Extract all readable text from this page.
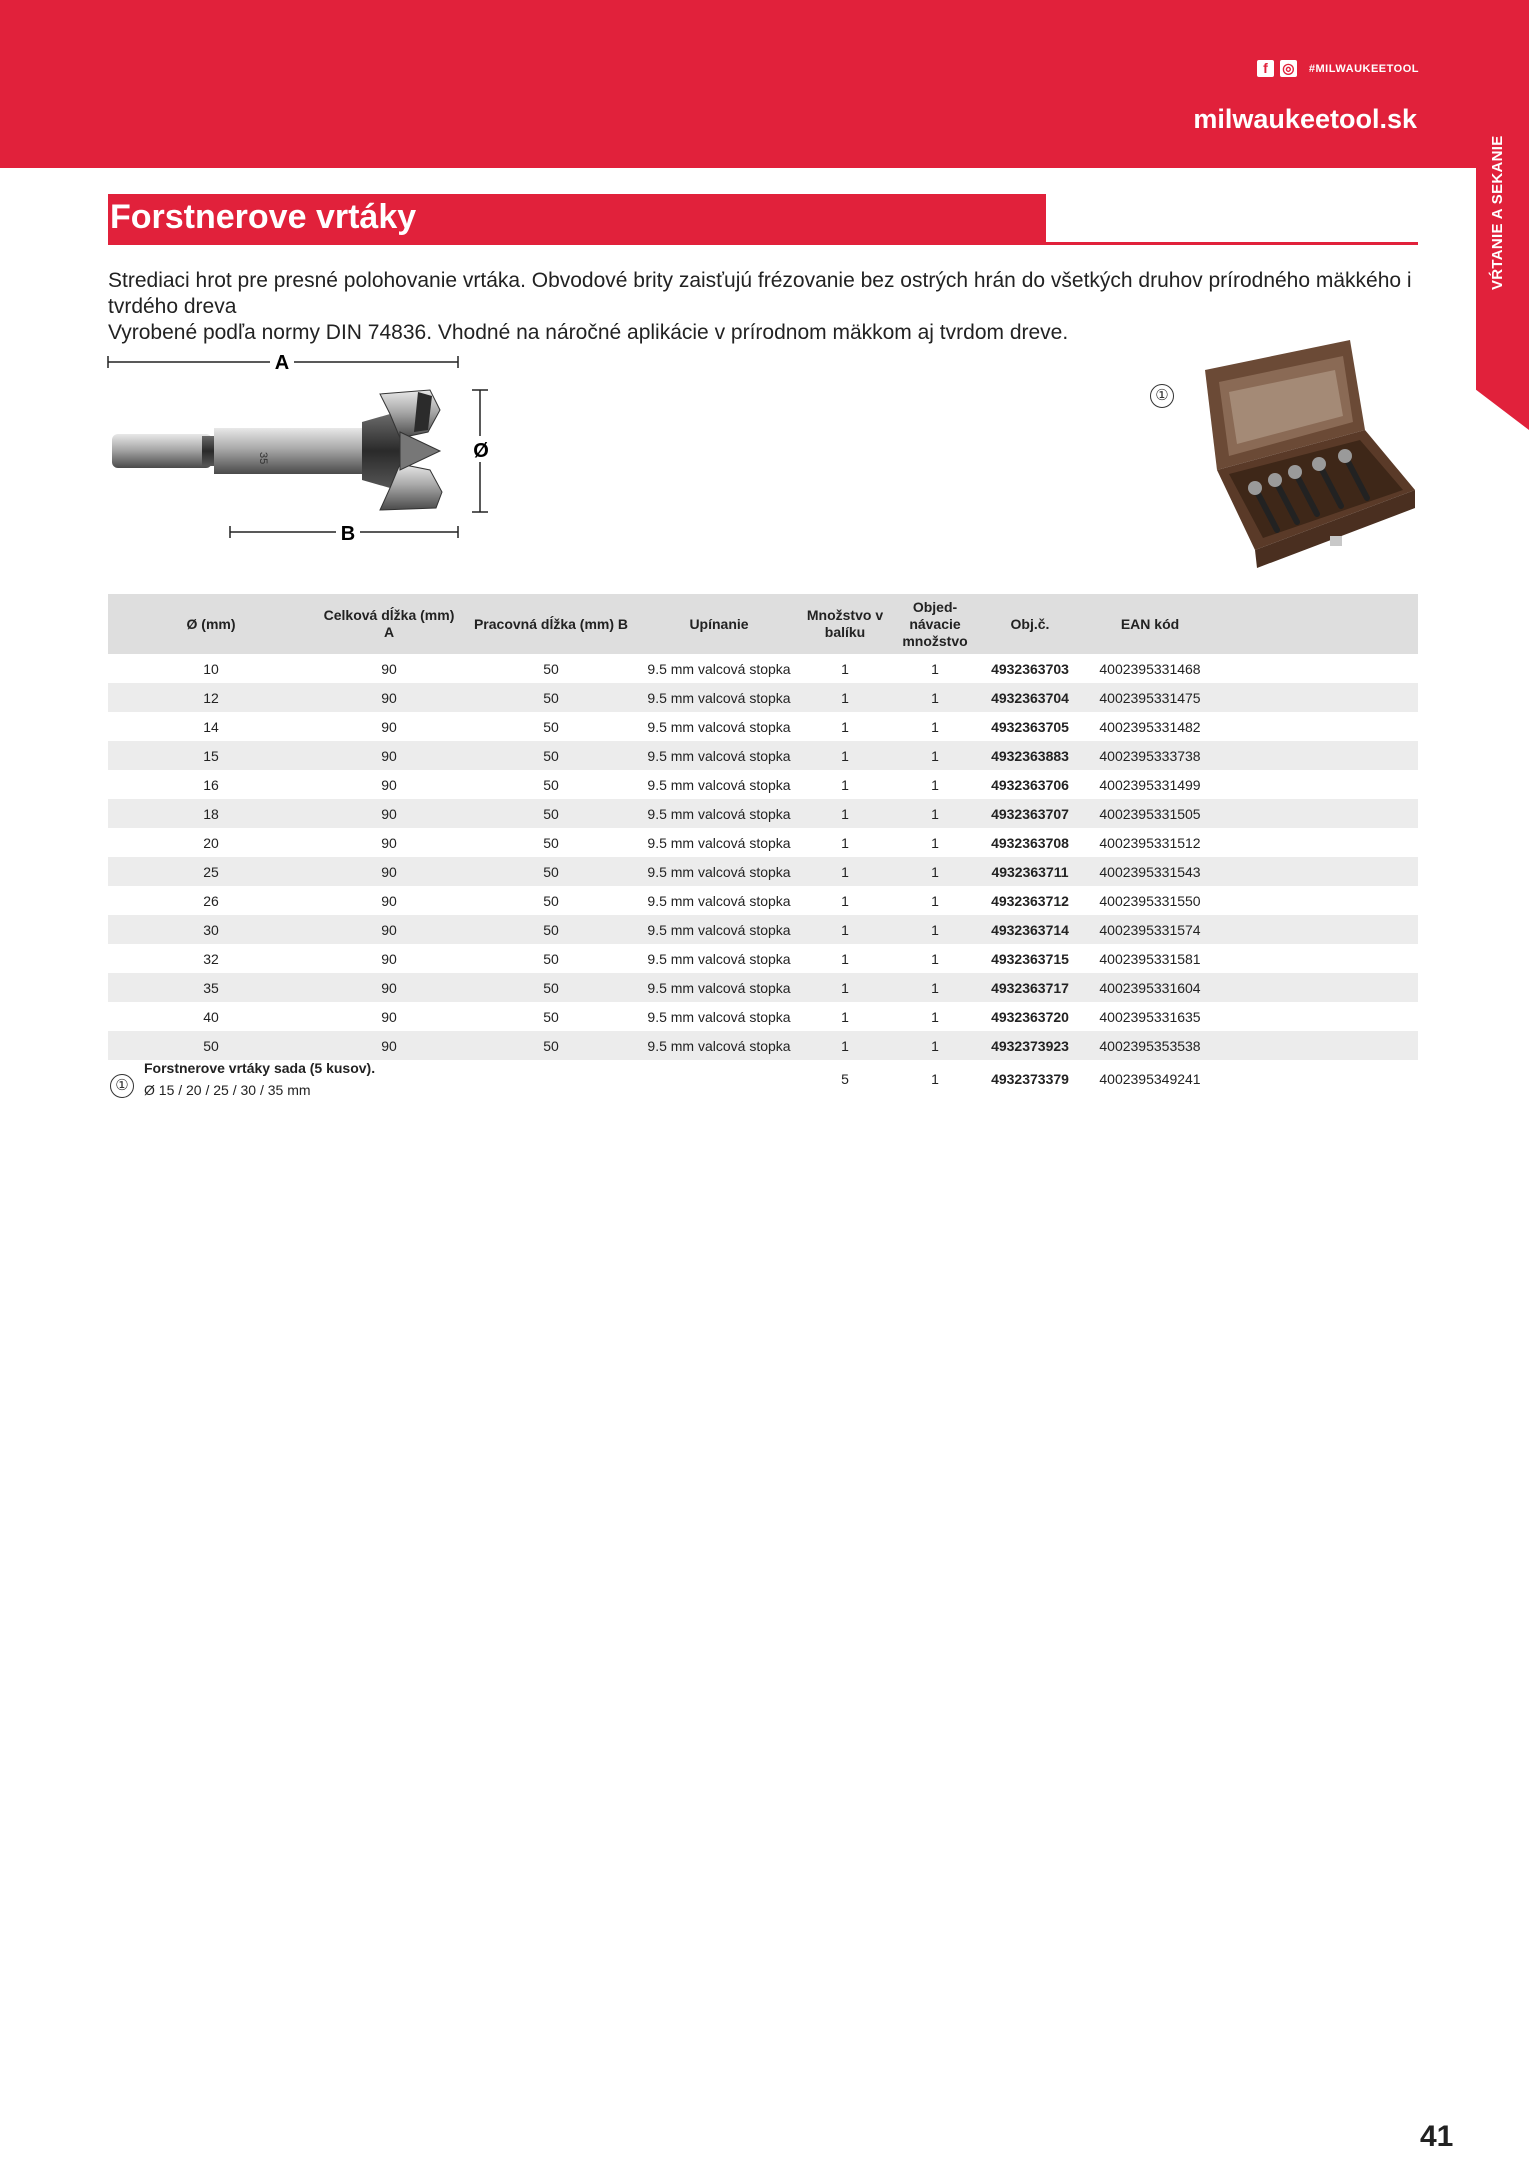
f	◎ #MILWAUKEETOOL
milwaukeetool.sk
VŔTANIE A SEKANIE
Forstnerove vrtáky

Strediaci hrot pre presné polohovanie vrtáka. Obvodové brity zaisťujú frézovanie bez ostrých hrán do všetkých druhov prírodného mäkkého i tvrdého dreva

Vyrobené podľa normy DIN 74836. Vhodné na náročné aplikácie v prírodnom mäkkom aj tvrdom dreve.

A
35	Ø
B
①
Ø (mm)	Celková dĺžka (mm) A	Pracovná dĺžka (mm) B	Upínanie	Množstvo v balíku	Objed-návacie množstvo	Obj.č.	EAN kód	
10	90	50	9.5 mm valcová stopka	1	1	4932363703	4002395331468	
12	90	50	9.5 mm valcová stopka	1	1	4932363704	4002395331475	
14	90	50	9.5 mm valcová stopka	1	1	4932363705	4002395331482	
15	90	50	9.5 mm valcová stopka	1	1	4932363883	4002395333738	
16	90	50	9.5 mm valcová stopka	1	1	4932363706	4002395331499	
18	90	50	9.5 mm valcová stopka	1	1	4932363707	4002395331505	
20	90	50	9.5 mm valcová stopka	1	1	4932363708	4002395331512	
25	90	50	9.5 mm valcová stopka	1	1	4932363711	4002395331543	
26	90	50	9.5 mm valcová stopka	1	1	4932363712	4002395331550	
30	90	50	9.5 mm valcová stopka	1	1	4932363714	4002395331574	
32	90	50	9.5 mm valcová stopka	1	1	4932363715	4002395331581	
35	90	50	9.5 mm valcová stopka	1	1	4932363717	4002395331604	
40	90	50	9.5 mm valcová stopka	1	1	4932363720	4002395331635	
50	90	50	9.5 mm valcová stopka	1	1	4932373923	4002395353538	

①
Forstnerove vrtáky sada (5 kusov).
Ø 15 / 20 / 25 / 30 / 35 mm				5	1	4932373379	4002395349241	
41
